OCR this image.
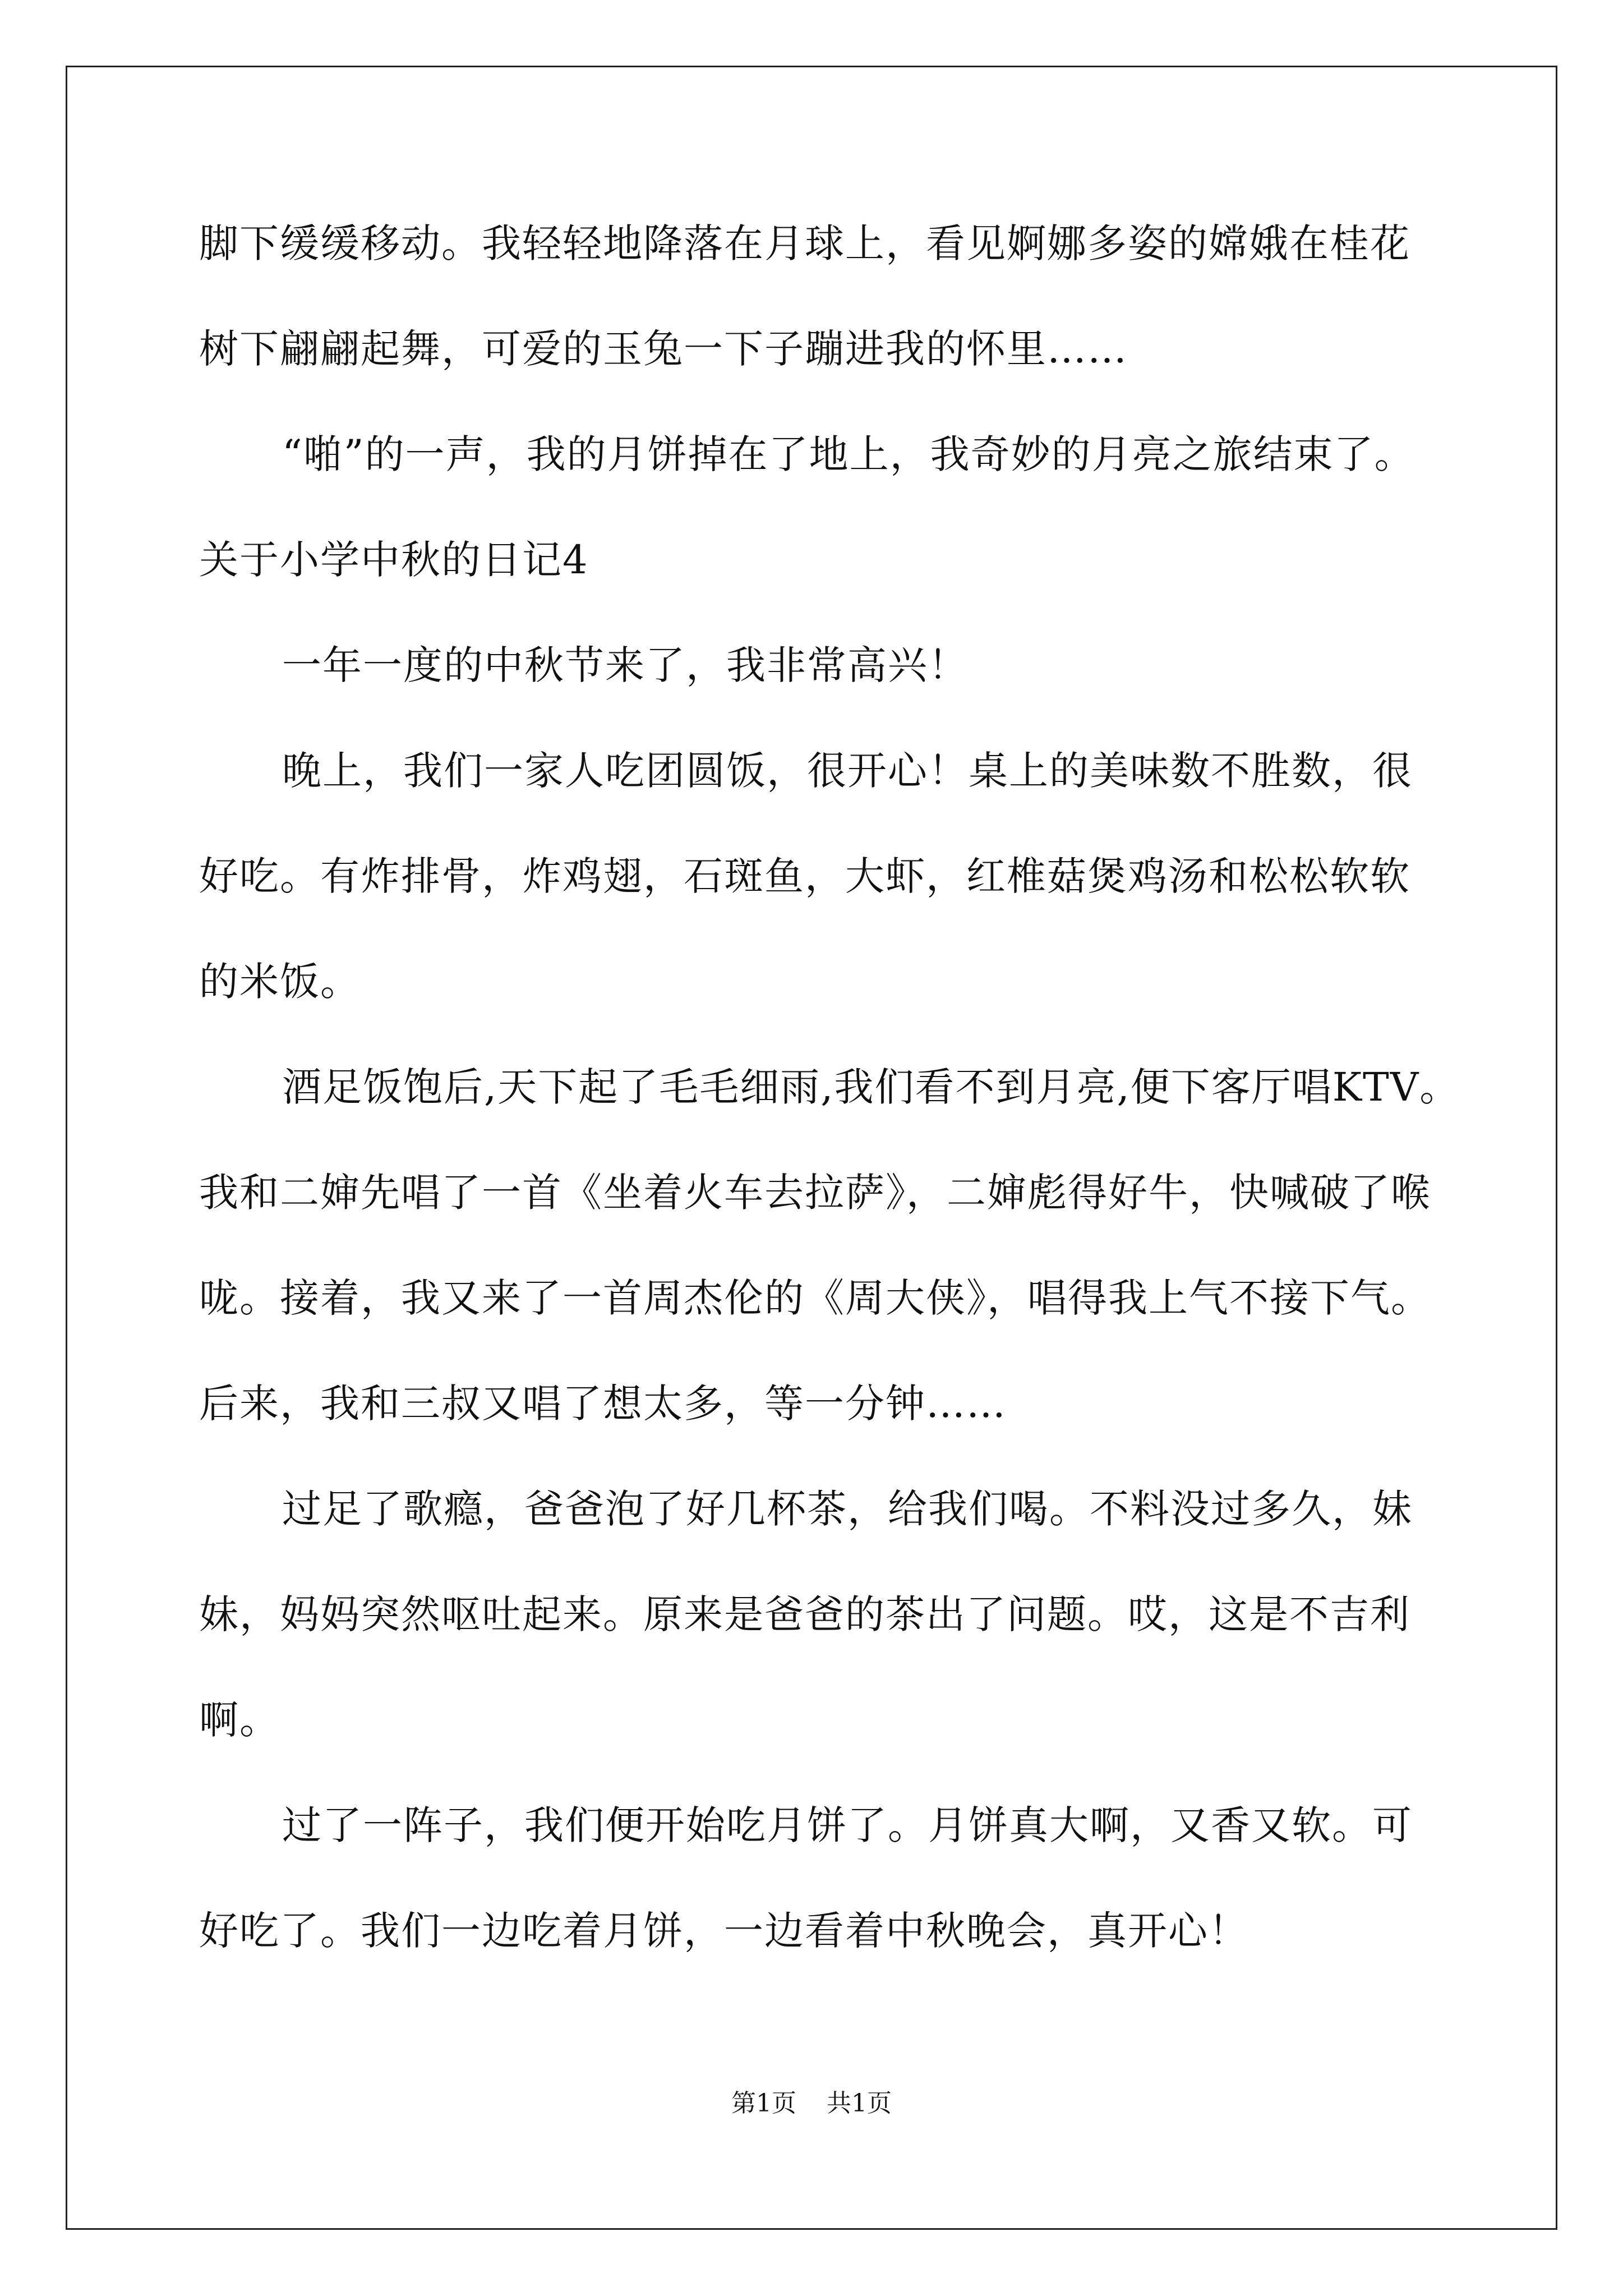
脚下缓缓移动。我轻轻地降落在月球上，看见婀娜多姿的嫦娥在桂花
树下翩翩起舞，可爱的玉兔一下子蹦进我的怀里……
“啪”的一声，我的月饼掉在了地上，我奇妙的月亮之旅结束了。
关于小学中秋的日记4
一年一度的中秋节来了，我非常高兴！
晚上，我们一家人吃团圆饭，很开心！桌上的美味数不胜数，很
好吃。有炸排骨，炸鸡翅，石斑鱼，大虾，红椎菇煲鸡汤和松松软软
的米饭。
酒足饭饱后,天下起了毛毛细雨,我们看不到月亮,便下客厅唱KTV。
我和二婶先唱了一首《坐着火车去拉萨》，二婶彪得好牛，快喊破了喉
咙。接着，我又来了一首周杰伦的《周大侠》，唱得我上气不接下气。
后来，我和三叔又唱了想太多，等一分钟……
过足了歌瘾，爸爸泡了好几杯茶，给我们喝。不料没过多久，妹
妹，妈妈突然呕吐起来。原来是爸爸的茶出了问题。哎，这是不吉利
啊。
过了一阵子，我们便开始吃月饼了。月饼真大啊，又香又软。可
好吃了。我们一边吃着月饼，一边看着中秋晚会，真开心！
第1页 共1页
